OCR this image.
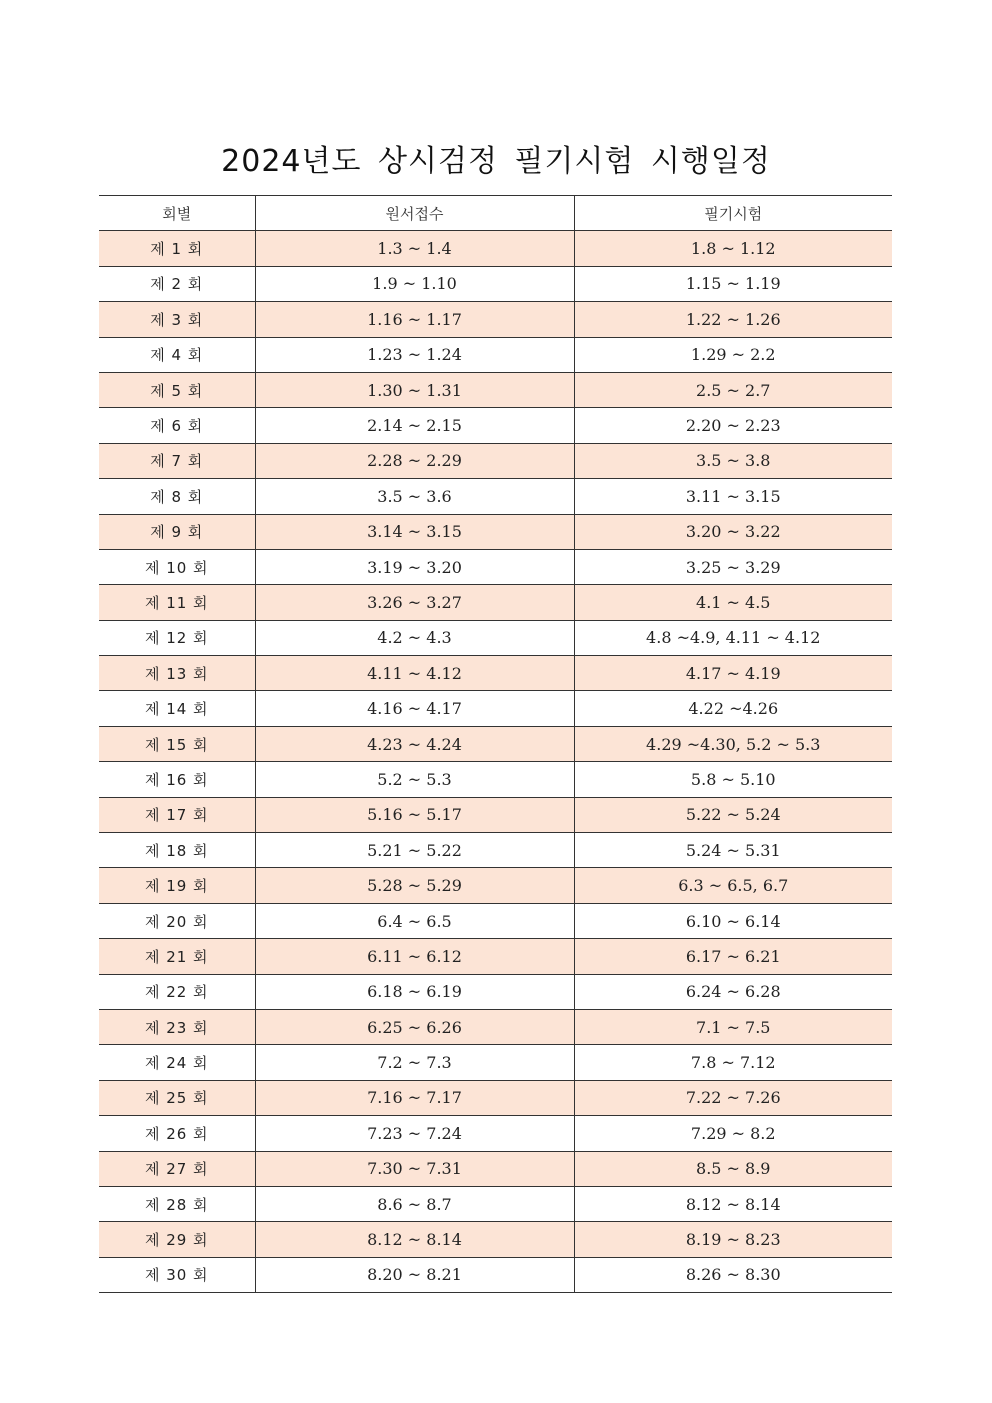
2024년도 상시검정 필기시험 시행일정
회별	원서접수	필기시험
제 1 회	1.3 ~ 1.4	1.8 ~ 1.12
제 2 회	1.9 ~ 1.10	1.15 ~ 1.19
제 3 회	1.16 ~ 1.17	1.22 ~ 1.26
제 4 회	1.23 ~ 1.24	1.29 ~ 2.2
제 5 회	1.30 ~ 1.31	2.5 ~ 2.7
제 6 회	2.14 ~ 2.15	2.20 ~ 2.23
제 7 회	2.28 ~ 2.29	3.5 ~ 3.8
제 8 회	3.5 ~ 3.6	3.11 ~ 3.15
제 9 회	3.14 ~ 3.15	3.20 ~ 3.22
제 10 회	3.19 ~ 3.20	3.25 ~ 3.29
제 11 회	3.26 ~ 3.27	4.1 ~ 4.5
제 12 회	4.2 ~ 4.3	4.8 ~4.9, 4.11 ~ 4.12
제 13 회	4.11 ~ 4.12	4.17 ~ 4.19
제 14 회	4.16 ~ 4.17	4.22 ~4.26
제 15 회	4.23 ~ 4.24	4.29 ~4.30, 5.2 ~ 5.3
제 16 회	5.2 ~ 5.3	5.8 ~ 5.10
제 17 회	5.16 ~ 5.17	5.22 ~ 5.24
제 18 회	5.21 ~ 5.22	5.24 ~ 5.31
제 19 회	5.28 ~ 5.29	6.3 ~ 6.5, 6.7
제 20 회	6.4 ~ 6.5	6.10 ~ 6.14
제 21 회	6.11 ~ 6.12	6.17 ~ 6.21
제 22 회	6.18 ~ 6.19	6.24 ~ 6.28
제 23 회	6.25 ~ 6.26	7.1 ~ 7.5
제 24 회	7.2 ~ 7.3	7.8 ~ 7.12
제 25 회	7.16 ~ 7.17	7.22 ~ 7.26
제 26 회	7.23 ~ 7.24	7.29 ~ 8.2
제 27 회	7.30 ~ 7.31	8.5 ~ 8.9
제 28 회	8.6 ~ 8.7	8.12 ~ 8.14
제 29 회	8.12 ~ 8.14	8.19 ~ 8.23
제 30 회	8.20 ~ 8.21	8.26 ~ 8.30
